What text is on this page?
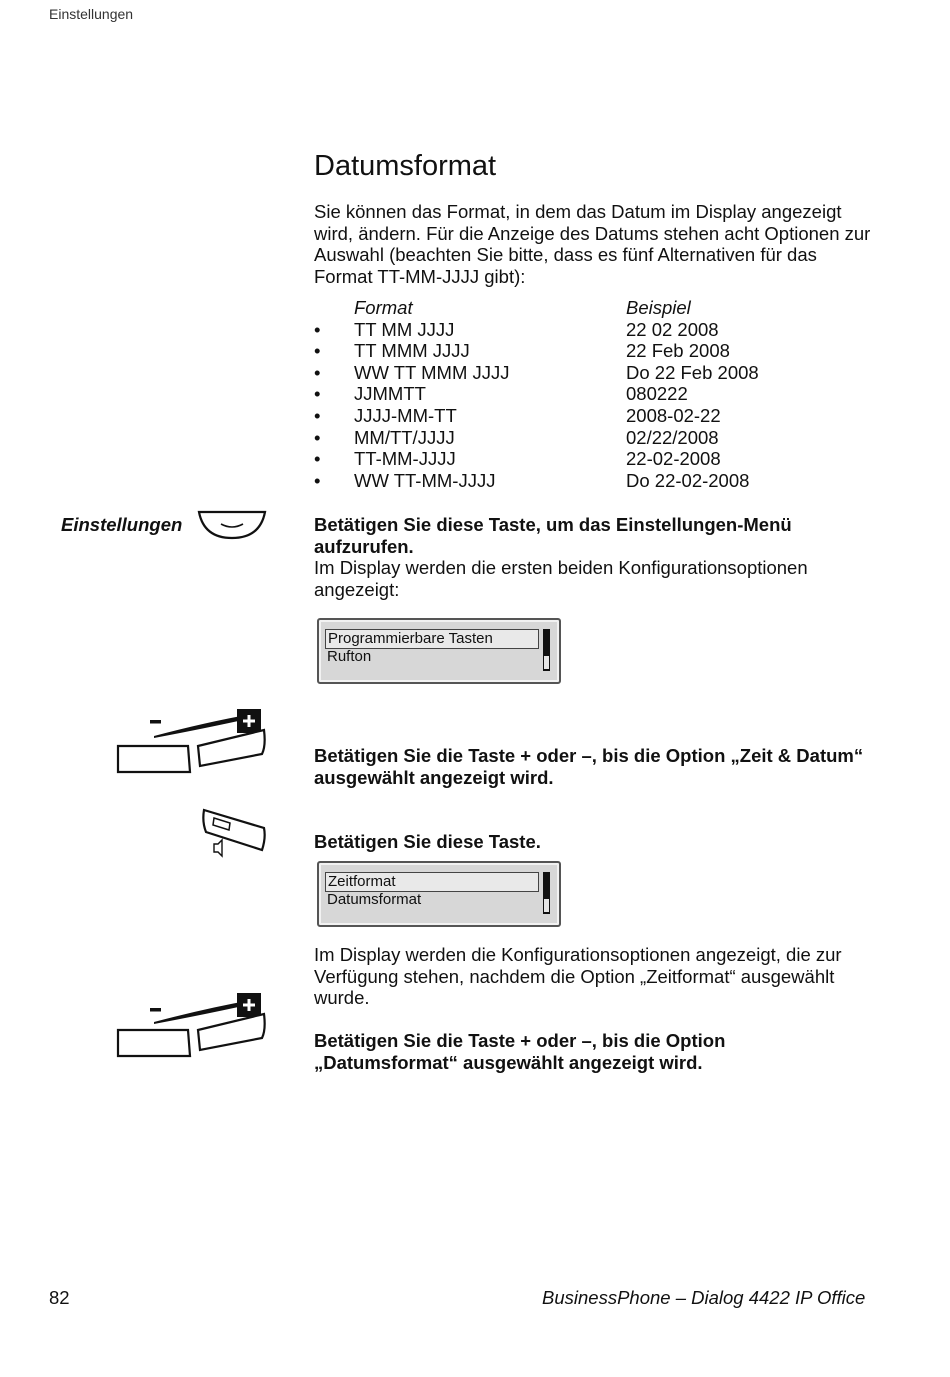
Einstellungen
Datumsformat
Sie können das Format, in dem das Datum im Display angezeigt wird, ändern. Für die Anzeige des Datums stehen acht Optionen zur Auswahl (beachten Sie bitte, dass es fünf Alternativen für das Format TT-MM-JJJJ gibt):
	Format	Beispiel
•	TT MM JJJJ	22 02 2008
•	TT MMM JJJJ	22 Feb 2008
•	WW TT MMM JJJJ	Do 22 Feb 2008
•	JJMMTT	080222
•	JJJJ-MM-TT	2008-02-22
•	MM/TT/JJJJ	02/22/2008
•	TT-MM-JJJJ	22-02-2008
•	WW TT-MM-JJJJ	Do 22-02-2008
Einstellungen	Betätigen Sie diese Taste, um das Einstellungen-Menü aufzurufen.
Im Display werden die ersten beiden Konfigurationsoptionen angezeigt:
Programmierbare Tasten
Rufton
Betätigen Sie die Taste + oder –, bis die Option „Zeit & Datum“ ausgewählt angezeigt wird.
Betätigen Sie diese Taste.
Zeitformat
Datumsformat
Im Display werden die Konfigurationsoptionen angezeigt, die zur Verfügung stehen, nachdem die Option „Zeitformat“ ausgewählt wurde.
Betätigen Sie die Taste + oder –, bis die Option „Datumsformat“ ausgewählt angezeigt wird.
82	BusinessPhone – Dialog 4422 IP Office
